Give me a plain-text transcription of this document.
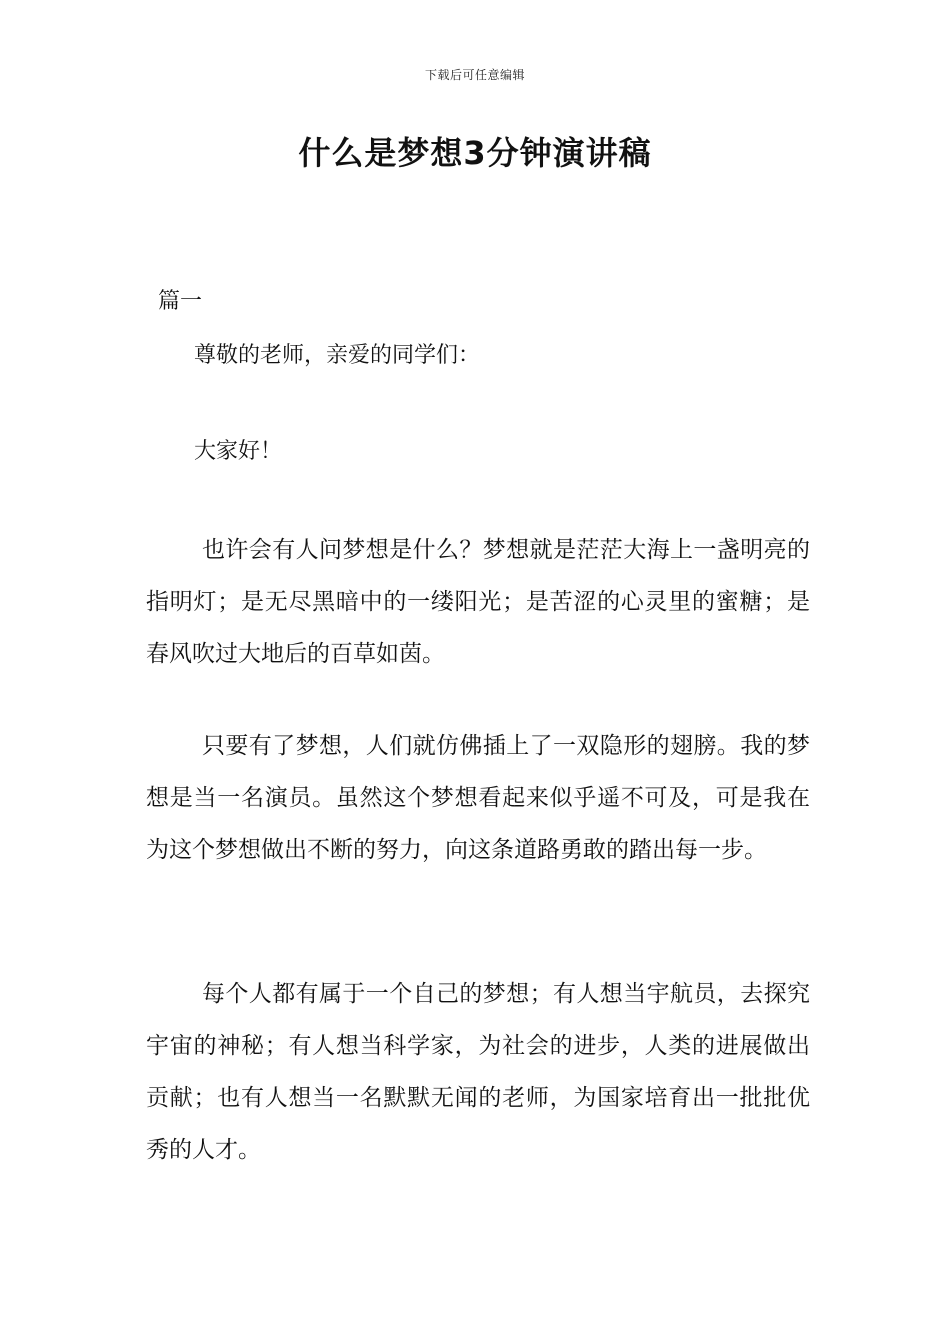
下载后可任意编辑
什么是梦想3分钟演讲稿
篇一
尊敬的老师，亲爱的同学们：
大家好！

也许会有人问梦想是什么？梦想就是茫茫大海上一盏明亮的指明灯；是无尽黑暗中的一缕阳光；是苦涩的心灵里的蜜糖；是春风吹过大地后的百草如茵。

只要有了梦想，人们就仿佛插上了一双隐形的翅膀。我的梦想是当一名演员。虽然这个梦想看起来似乎遥不可及，可是我在为这个梦想做出不断的努力，向这条道路勇敢的踏出每一步。

每个人都有属于一个自己的梦想；有人想当宇航员，去探究宇宙的神秘；有人想当科学家，为社会的进步，人类的进展做出贡献；也有人想当一名默默无闻的老师，为国家培育出一批批优秀的人才。
